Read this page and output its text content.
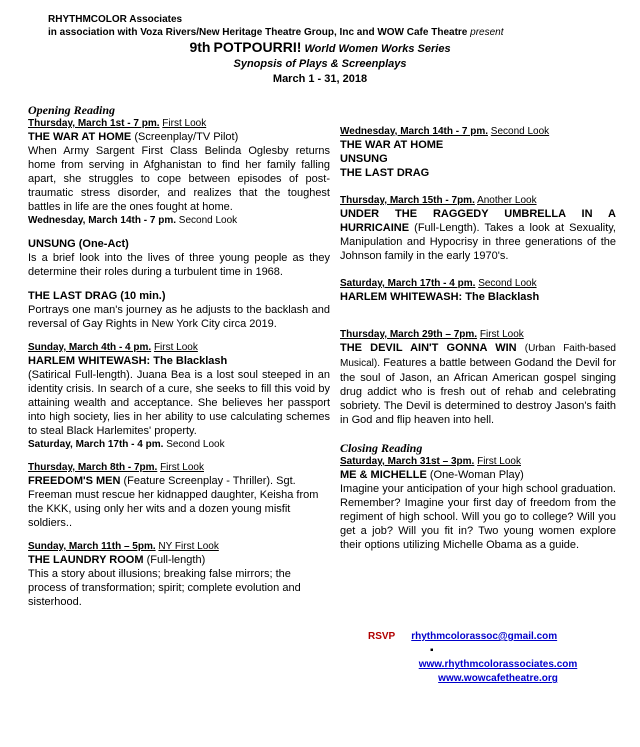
RHYTHMCOLOR Associates
in association with Voza Rivers/New Heritage Theatre Group, Inc and WOW Cafe Theatre present
9th POTPOURRI! World Women Works Series
Synopsis of Plays & Screenplays
March 1 - 31, 2018
Opening Reading
Thursday, March 1st - 7 pm. First Look
THE WAR AT HOME (Screenplay/TV Pilot)
When Army Sargent First Class Belinda Oglesby returns home from serving in Afghanistan to find her family falling apart, she struggles to cope between episodes of post- traumatic stress disorder, and realizes that the toughest battles in life are the ones fought at home.
Wednesday, March 14th - 7 pm. Second Look
UNSUNG (One-Act)
Is a brief look into the lives of three young people as they determine their roles during a turbulent time in 1968.
THE LAST DRAG (10 min.)
Portrays one man's journey as he adjusts to the backlash and reversal of Gay Rights in New York City circa 2019.
Sunday, March 4th - 4 pm. First Look
HARLEM WHITEWASH: The Blacklash
(Satirical Full-length). Juana Bea is a lost soul steeped in an identity crisis. In search of a cure, she seeks to fill this void by attaining wealth and acceptance. She believes her passport into high society, lies in her ability to use calculating schemes to steal Black Harlemites' property.
Saturday, March 17th - 4 pm. Second Look
Thursday, March 8th - 7pm. First Look
FREEDOM'S MEN (Feature Screenplay - Thriller). Sgt. Freeman must rescue her kidnapped daughter, Keisha from the KKK, using only her wits and a dozen young misfit soldiers..
Sunday, March 11th – 5pm. NY First Look
THE LAUNDRY ROOM (Full-length)
This a story about illusions; breaking false mirrors; the process of transformation; spirit; complete evolution and sisterhood.
Wednesday, March 14th - 7 pm. Second Look
THE WAR AT HOME
UNSUNG
THE LAST DRAG
Thursday, March 15th - 7pm. Another Look
UNDER THE RAGGEDY UMBRELLA IN A HURRICAINE (Full-Length). Takes a look at Sexuality, Manipulation and Hypocrisy in three generations of the Johnson family in the early 1970's.
Saturday, March 17th - 4 pm. Second Look
HARLEM WHITEWASH: The Blacklash
Thursday, March 29th – 7pm. First Look
THE DEVIL AIN'T GONNA WIN (Urban Faith-based Musical). Features a battle between Godand the Devil for the soul of Jason, an African American gospel singing drug addict who is fresh out of rehab and celebrating sobriety. The Devil is determined to destroy Jason's faith in God and flip heaven into hell.
Closing Reading
Saturday, March 31st – 3pm. First Look
ME & MICHELLE (One-Woman Play)
Imagine your anticipation of your high school graduation. Remember? Imagine your first day of freedom from the regiment of high school. Will you go to college? Will you get a job? Will you fit in? Two young women explore their options utilizing Michelle Obama as a guide.
RSVP rhythmcolorassoc@gmail.com
▪
www.rhythmcolorassociates.com
www.wowcafetheatre.org
